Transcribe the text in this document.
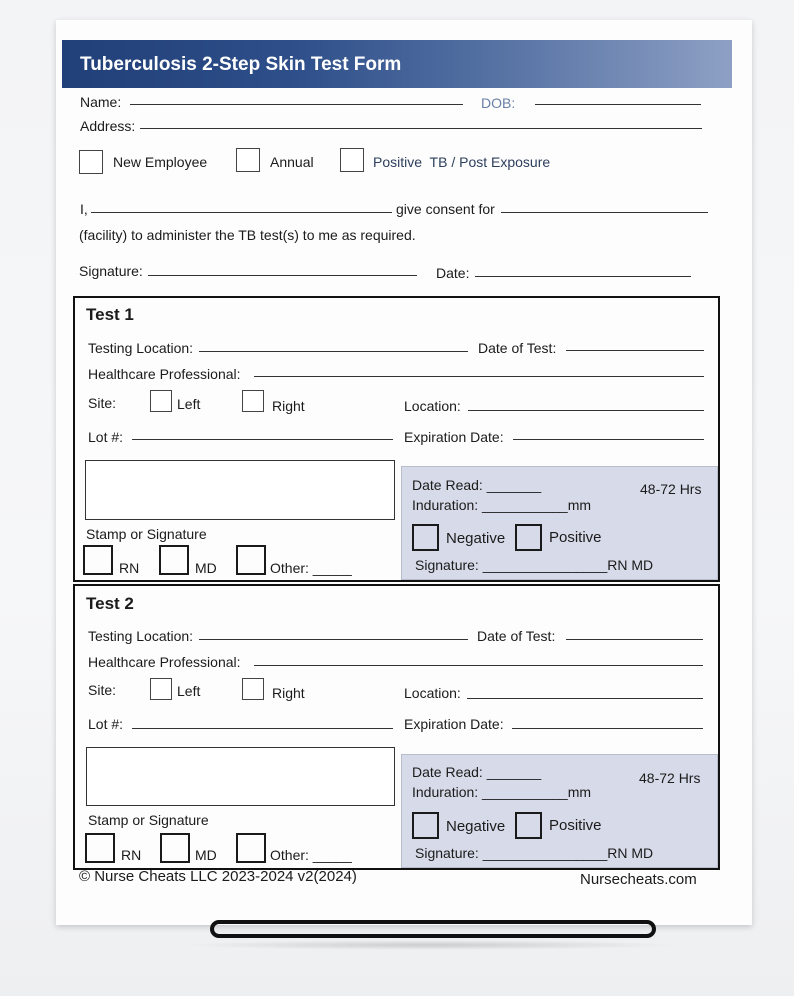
Tuberculosis 2-Step Skin Test Form
Name:	DOB:
Address:
New Employee	Annual	Positive  TB / Post Exposure
I,	give consent for
(facility) to administer the TB test(s) to me as required.
Signature:	Date:
Test 1
Testing Location:	Date of Test:
Healthcare Professional:
Site:	Left	Right	Location:
Lot #:	Expiration Date:
Stamp or Signature
RN	MD	Other: _____
Date Read: _______	48-72 Hrs
Induration: ___________mm
Negative	Positive
Signature: ________________RN MD
Test 2
Testing Location:	Date of Test:
Healthcare Professional:
Site:	Left	Right	Location:
Lot #:	Expiration Date:
Stamp or Signature
RN	MD	Other: _____
Date Read: _______	48-72 Hrs
Induration: ___________mm
Negative	Positive
Signature: ________________RN MD
© Nurse Cheats LLC 2023-2024 v2(2024)	Nursecheats.com
